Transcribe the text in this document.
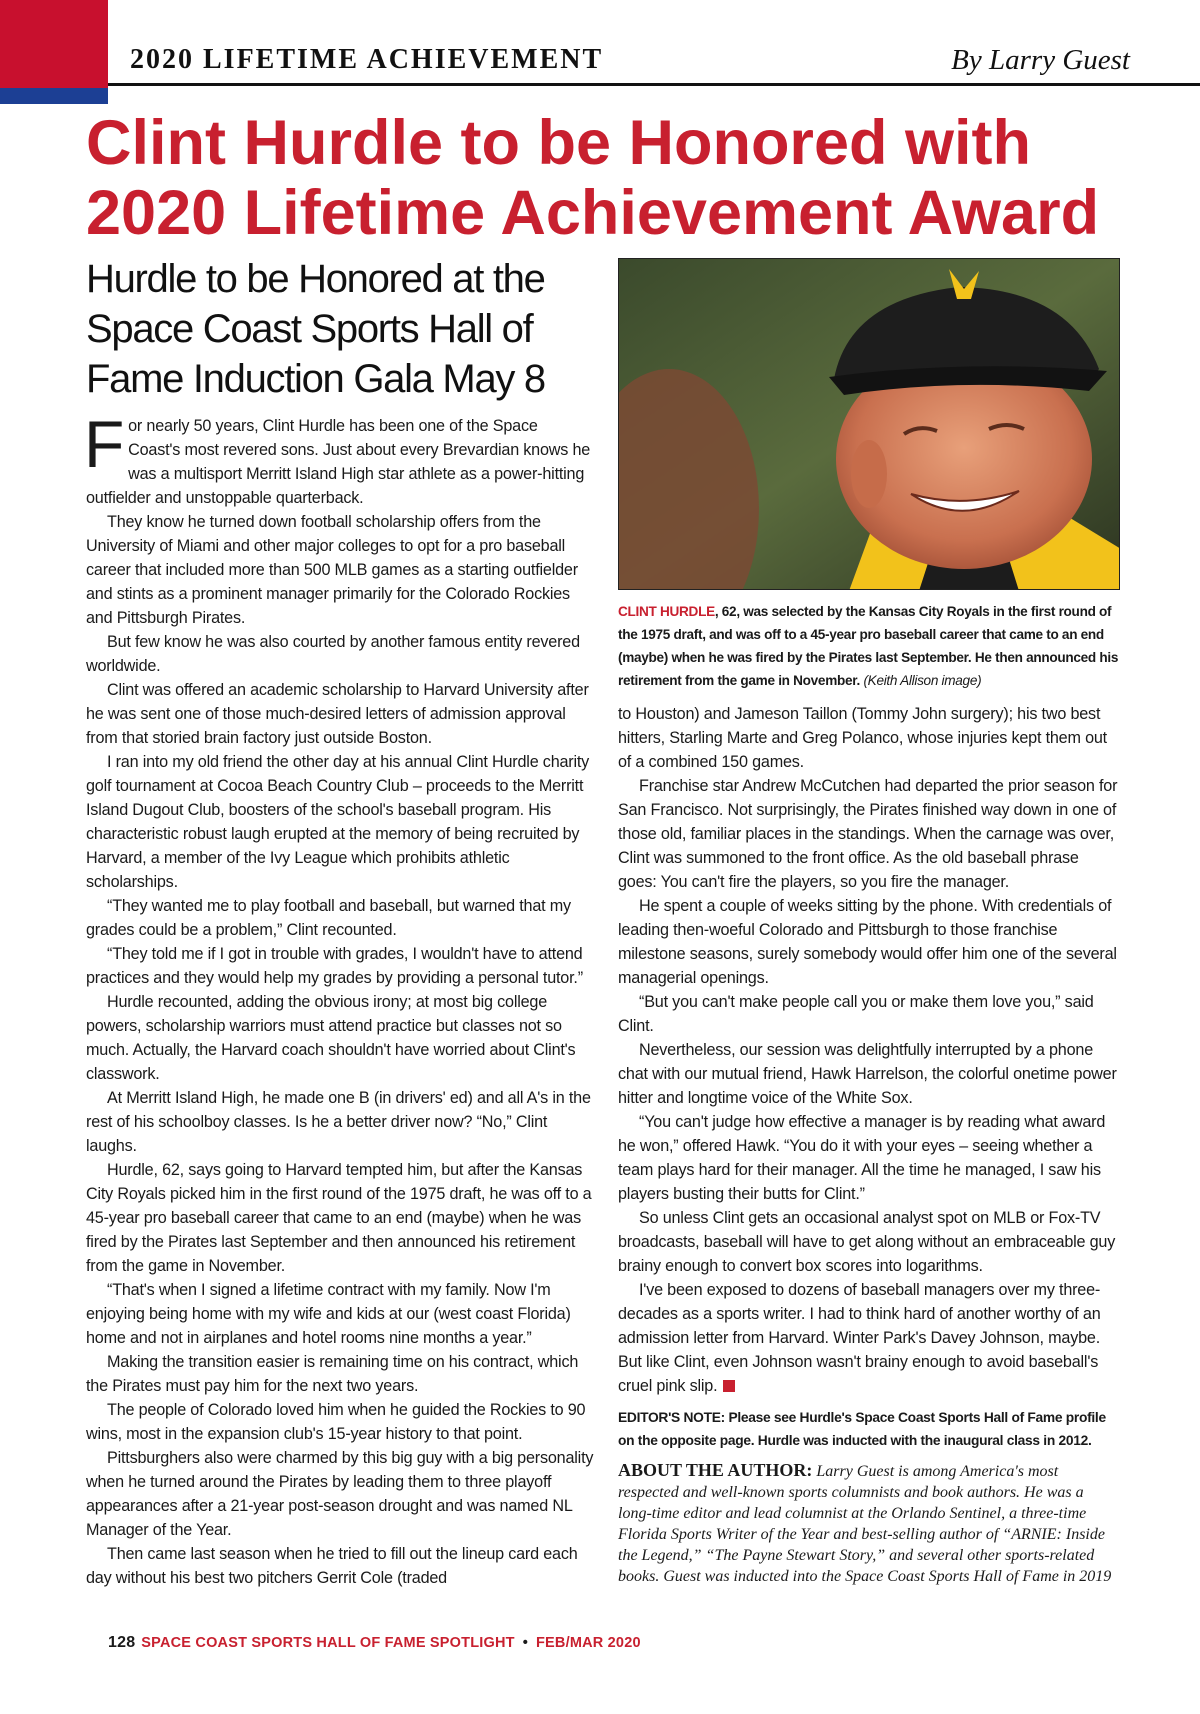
2020 LIFETIME ACHIEVEMENT	By Larry Guest
Clint Hurdle to be Honored with 2020 Lifetime Achievement Award
Hurdle to be Honored at the Space Coast Sports Hall of Fame Induction Gala May 8

For nearly 50 years, Clint Hurdle has been one of the Space Coast's most revered sons. Just about every Brevardian knows he was a multisport Merritt Island High star athlete as a power-hitting outfielder and unstoppable quarterback.

They know he turned down football scholarship offers from the University of Miami and other major colleges to opt for a pro baseball career that included more than 500 MLB games as a starting outfielder and stints as a prominent manager primarily for the Colorado Rockies and Pittsburgh Pirates.

But few know he was also courted by another famous entity revered worldwide.

Clint was offered an academic scholarship to Harvard University after he was sent one of those much-desired letters of admission approval from that storied brain factory just outside Boston.

I ran into my old friend the other day at his annual Clint Hurdle charity golf tournament at Cocoa Beach Country Club – proceeds to the Merritt Island Dugout Club, boosters of the school's baseball program. His characteristic robust laugh erupted at the memory of being recruited by Harvard, a member of the Ivy League which prohibits athletic scholarships.

“They wanted me to play football and baseball, but warned that my grades could be a problem,” Clint recounted.

“They told me if I got in trouble with grades, I wouldn't have to attend practices and they would help my grades by providing a personal tutor.”

Hurdle recounted, adding the obvious irony; at most big college powers, scholarship warriors must attend practice but classes not so much. Actually, the Harvard coach shouldn't have worried about Clint's classwork.

At Merritt Island High, he made one B (in drivers' ed) and all A's in the rest of his schoolboy classes. Is he a better driver now? “No,” Clint laughs.

Hurdle, 62, says going to Harvard tempted him, but after the Kansas City Royals picked him in the first round of the 1975 draft, he was off to a 45-year pro baseball career that came to an end (maybe) when he was fired by the Pirates last September and then announced his retirement from the game in November.

“That's when I signed a lifetime contract with my family. Now I'm enjoying being home with my wife and kids at our (west coast Florida) home and not in airplanes and hotel rooms nine months a year.”

Making the transition easier is remaining time on his contract, which the Pirates must pay him for the next two years.

The people of Colorado loved him when he guided the Rockies to 90 wins, most in the expansion club's 15-year history to that point.

Pittsburghers also were charmed by this big guy with a big personality when he turned around the Pirates by leading them to three playoff appearances after a 21-year post-season drought and was named NL Manager of the Year.

Then came last season when he tried to fill out the lineup card each day without his best two pitchers Gerrit Cole (traded

CLINT HURDLE, 62, was selected by the Kansas City Royals in the first round of the 1975 draft, and was off to a 45-year pro baseball career that came to an end (maybe) when he was fired by the Pirates last September. He then announced his retirement from the game in November. (Keith Allison image)

to Houston) and Jameson Taillon (Tommy John surgery); his two best hitters, Starling Marte and Greg Polanco, whose injuries kept them out of a combined 150 games.

Franchise star Andrew McCutchen had departed the prior season for San Francisco. Not surprisingly, the Pirates finished way down in one of those old, familiar places in the standings. When the carnage was over, Clint was summoned to the front office. As the old baseball phrase goes: You can't fire the players, so you fire the manager.

He spent a couple of weeks sitting by the phone. With credentials of leading then-woeful Colorado and Pittsburgh to those franchise milestone seasons, surely somebody would offer him one of the several managerial openings.

“But you can't make people call you or make them love you,” said Clint.

Nevertheless, our session was delightfully interrupted by a phone chat with our mutual friend, Hawk Harrelson, the colorful onetime power hitter and longtime voice of the White Sox.

“You can't judge how effective a manager is by reading what award he won,” offered Hawk. “You do it with your eyes – seeing whether a team plays hard for their manager. All the time he managed, I saw his players busting their butts for Clint.”

So unless Clint gets an occasional analyst spot on MLB or Fox-TV broadcasts, baseball will have to get along without an embraceable guy brainy enough to convert box scores into logarithms.

I've been exposed to dozens of baseball managers over my three-decades as a sports writer. I had to think hard of another worthy of an admission letter from Harvard. Winter Park's Davey Johnson, maybe. But like Clint, even Johnson wasn't brainy enough to avoid baseball's cruel pink slip.

EDITOR'S NOTE: Please see Hurdle's Space Coast Sports Hall of Fame profile on the opposite page. Hurdle was inducted with the inaugural class in 2012.
ABOUT THE AUTHOR: Larry Guest is among America's most respected and well-known sports columnists and book authors. He was a long-time editor and lead columnist at the Orlando Sentinel, a three-time Florida Sports Writer of the Year and best-selling author of “ARNIE: Inside the Legend,” “The Payne Stewart Story,” and several other sports-related books. Guest was inducted into the Space Coast Sports Hall of Fame in 2019
128 SPACE COAST SPORTS HALL OF FAME SPOTLIGHT • FEB/MAR 2020
